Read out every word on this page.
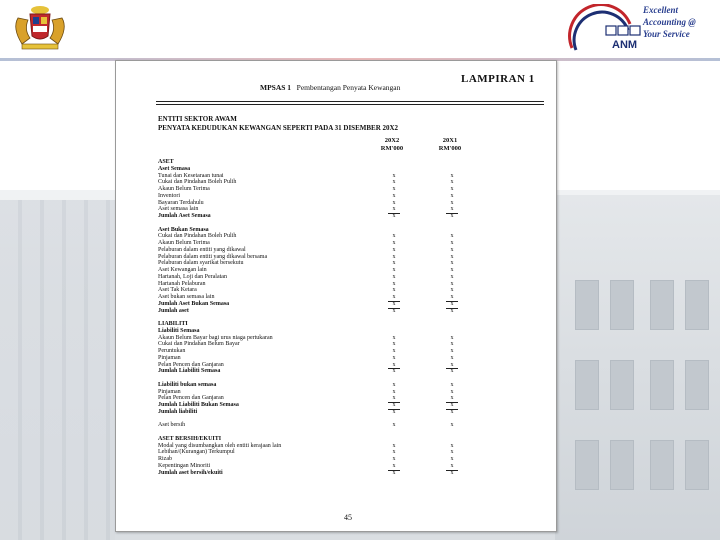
ANM
Excellent
Accounting @
Your Service
LAMPIRAN 1
MPSAS 1 Pembentangan Penyata Kewangan
ENTITI SEKTOR AWAM
PENYATA KEDUDUKAN KEWANGAN SEPERTI PADA 31 DISEMBER 20X2
20X2
RM'000
20X1
RM'000
ASET
Aset Semasa
Tunai dan Kesetaraan tunai	x	x
Cukai dan Pindahan Boleh Pulih	x	x
Akaun Belum Terima	x	x
Inventori	x	x
Bayaran Terdahulu	x	x
Aset semasa lain	x	x
Jumlah Aset Semasa	x	x
Aset Bukan Semasa
Cukai dan Pindahan Boleh Pulih	x	x
Akaun Belum Terima	x	x
Pelaburan dalam entiti yang dikawal	x	x
Pelaburan dalam entiti yang dikawal bersama	x	x
Pelaburan dalam syarikat bersekutu	x	x
Aset Kewangan lain	x	x
Hartanah, Loji dan Peralatan	x	x
Hartanah Pelaburan	x	x
Aset Tak Ketara	x	x
Aset bukan semasa lain	x	x
Jumlah Aset Bukan Semasa	x	x
Jumlah aset	x	x
LIABILITI
Liabiliti Semasa
Akaun Belum Bayar bagi urus niaga pertukaran	x	x
Cukai dan Pindahan Belum Bayar	x	x
Peruntukan	x	x
Pinjaman	x	x
Pelan Pencen dan Ganjaran	x	x
Jumlah Liabiliti Semasa	x	x
Liabiliti bukan semasa	x	x
Pinjaman	x	x
Pelan Pencen dan Ganjaran	x	x
Jumlah Liabiliti Bukan Semasa	x	x
Jumlah liabiliti	x	x
Aset bersih	x	x
ASET BERSIH/EKUITI
Modal yang disumbangkan oleh entiti kerajaan lain	x	x
Lebihan/(Kurangan) Terkumpul	x	x
Rizab	x	x
Kepentingan Minoriti	x	x
Jumlah aset bersih/ekuiti	x	x
45
